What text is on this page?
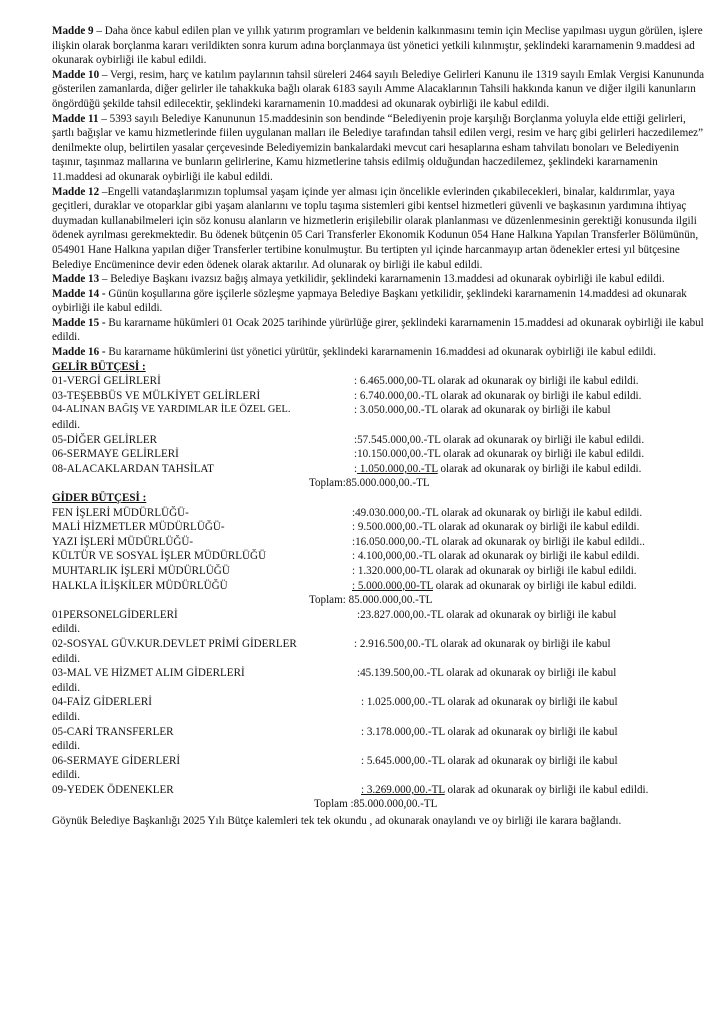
Madde 9 – Daha önce kabul edilen plan ve yıllık yatırım programları ve beldenin kalkınmasını temin için Meclise yapılması uygun görülen, işlere ilişkin olarak borçlanma kararı verildikten sonra kurum adına borçlanmaya üst yönetici yetkili kılınmıştır, şeklindeki kararnamenin 9.maddesi ad okunarak oybirliği ile kabul edildi.

Madde 10 – Vergi, resim, harç ve katılım paylarının tahsil süreleri 2464 sayılı Belediye Gelirleri Kanunu ile 1319 sayılı Emlak Vergisi Kanununda gösterilen zamanlarda, diğer gelirler ile tahakkuka bağlı olarak 6183 sayılı Amme Alacaklarının Tahsili hakkında kanun ve diğer ilgili kanunların öngördüğü şekilde tahsil edilecektir, şeklindeki kararnamenin 10.maddesi ad okunarak oybirliği ile kabul edildi.

Madde 11 – 5393 sayılı Belediye Kanununun 15.maddesinin son bendinde “Belediyenin proje karşılığı Borçlanma yoluyla elde ettiği gelirleri, şartlı bağışlar ve kamu hizmetlerinde fiilen uygulanan malları ile Belediye tarafından tahsil edilen vergi, resim ve harç gibi gelirleri haczedilemez” denilmekte olup, belirtilen yasalar çerçevesinde Belediyemizin bankalardaki mevcut cari hesaplarına esham tahvilatı bonoları ve Belediyenin taşınır, taşınmaz mallarına ve bunların gelirlerine, Kamu hizmetlerine tahsis edilmiş olduğundan haczedilemez, şeklindeki kararnamenin 11.maddesi ad okunarak oybirliği ile kabul edildi.

Madde 12 –Engelli vatandaşlarımızın toplumsal yaşam içinde yer alması için öncelikle evlerinden çıkabilecekleri, binalar, kaldırımlar, yaya geçitleri, duraklar ve otoparklar gibi yaşam alanlarını ve toplu taşıma sistemleri gibi kentsel hizmetleri güvenli ve başkasının yardımına ihtiyaç duymadan kullanabilmeleri için söz konusu alanların ve hizmetlerin erişilebilir olarak planlanması ve düzenlenmesinin gerektiği konusunda ilgili ödenek ayrılması gerekmektedir. Bu ödenek bütçenin 05 Cari Transferler Ekonomik Kodunun 054 Hane Halkına Yapılan Transferler Bölümünün, 054901 Hane Halkına yapılan diğer Transferler tertibine konulmuştur. Bu tertipten yıl içinde harcanmayıp artan ödenekler ertesi yıl bütçesine Belediye Encümenince devir eden ödenek olarak aktarılır. Ad olunarak oy birliği ile kabul edildi.

Madde 13 – Belediye Başkanı ivazsız bağış almaya yetkilidir, şeklindeki kararnamenin 13.maddesi ad okunarak oybirliği ile kabul edildi.

Madde 14 - Günün koşullarına göre işçilerle sözleşme yapmaya Belediye Başkanı yetkilidir, şeklindeki kararnamenin 14.maddesi ad okunarak oybirliği ile kabul edildi.

Madde 15 - Bu kararname hükümleri 01 Ocak 2025 tarihinde yürürlüğe girer, şeklindeki kararnamenin 15.maddesi ad okunarak oybirliği ile kabul edildi.

Madde 16 - Bu kararname hükümlerini üst yönetici yürütür, şeklindeki kararnamenin 16.maddesi ad okunarak oybirliği ile kabul edildi.

GELİR BÜTÇESİ :

01-VERGİ GELİRLERİ	: 6.465.000,00-TL olarak ad okunarak oy birliği ile kabul edildi.
03-TEŞEBBÜS VE MÜLKİYET GELİRLERİ	: 6.740.000,00.-TL olarak ad okunarak oy birliği ile kabul edildi.
04-ALINAN BAĞIŞ VE YARDIMLAR İLE ÖZEL GEL.	: 3.050.000,00.-TL olarak ad okunarak oy birliği ile kabul

edildi.

05-DİĞER GELİRLER	:57.545.000,00.-TL olarak ad okunarak oy birliği ile kabul edildi.
06-SERMAYE GELİRLERİ	:10.150.000,00.-TL olarak ad okunarak oy birliği ile kabul edildi.
08-ALACAKLARDAN TAHSİLAT	: 1.050.000,00.-TL olarak ad okunarak oy birliği ile kabul edildi.
Toplam:85.000.000,00.-TL

GİDER BÜTÇESİ :

FEN İŞLERİ MÜDÜRLÜĞÜ-	:49.030.000,00.-TL olarak ad okunarak oy birliği ile kabul edildi.
MALİ HİZMETLER MÜDÜRLÜĞÜ-	: 9.500.000,00.-TL olarak ad okunarak oy birliği ile kabul edildi.
YAZI İŞLERİ MÜDÜRLÜĞÜ-	:16.050.000,00.-TL olarak ad okunarak oy birliği ile kabul edildi..
KÜLTÜR VE SOSYAL İŞLER MÜDÜRLÜĞÜ	: 4.100,000,00.-TL olarak ad okunarak oy birliği ile kabul edildi.
MUHTARLIK İŞLERİ MÜDÜRLÜĞÜ	: 1.320.000,00-TL olarak ad okunarak oy birliği ile kabul edildi.
HALKLA İLİŞKİLER MÜDÜRLÜĞÜ	: 5.000.000,00-TL olarak ad okunarak oy birliği ile kabul edildi.
Toplam: 85.000.000,00.-TL
01PERSONELGİDERLERİ	:23.827.000,00.-TL olarak ad okunarak oy birliği ile kabul

edildi.

02-SOSYAL GÜV.KUR.DEVLET PRİMİ GİDERLER	: 2.916.500,00.-TL olarak ad okunarak oy birliği ile kabul

edildi.

03-MAL VE HİZMET ALIM GİDERLERİ	:45.139.500,00.-TL olarak ad okunarak oy birliği ile kabul

edildi.

04-FAİZ GİDERLERİ	: 1.025.000,00.-TL olarak ad okunarak oy birliği ile kabul

edildi.

05-CARİ TRANSFERLER	: 3.178.000,00.-TL olarak ad okunarak oy birliği ile kabul

edildi.

06-SERMAYE GİDERLERİ	: 5.645.000,00.-TL olarak ad okunarak oy birliği ile kabul

edildi.

09-YEDEK ÖDENEKLER	: 3.269.000,00.-TL olarak ad okunarak oy birliği ile kabul edildi.
Toplam :85.000.000,00.-TL

Göynük Belediye Başkanlığı 2025 Yılı Bütçe kalemleri tek tek okundu , ad okunarak onaylandı ve oy birliği ile karara bağlandı.
